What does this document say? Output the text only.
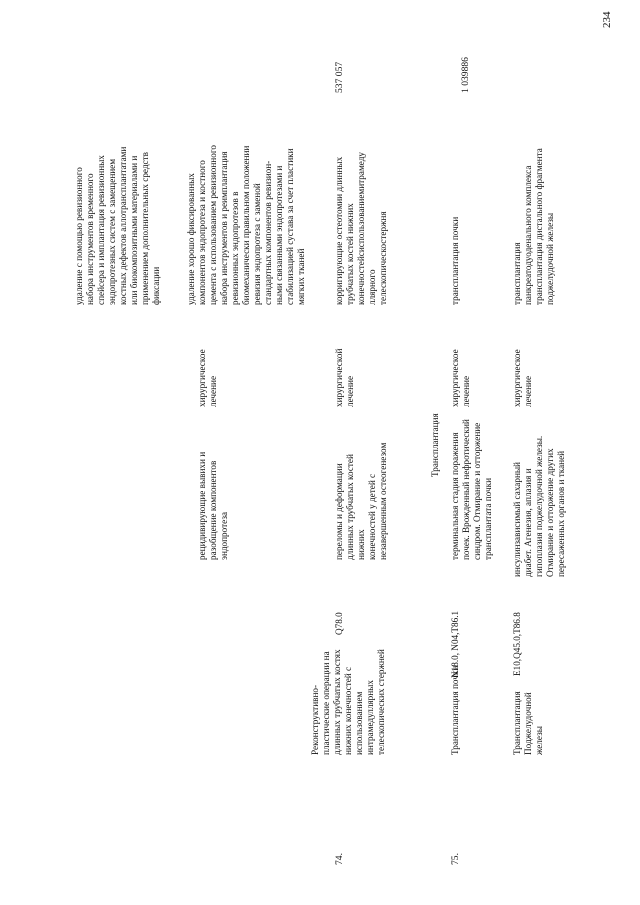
234
удаление с помощью ревизионного набора инструментов временного спейсера и имплантация ревизионных эндопротезных систем с замещением костных дефектов аллотрансплантатами или биокомпозитными материалами и применением дополнительных средств фиксации
рецидивирующие вывихи и разобщение компонентов эндопротеза
хирургическое лечение
удаление хорошо фиксированных компонентов эндопротеза и костного цемента с использованием ревизионного набора инструментов и реимплантация ревизионных эндопротезов в биомеханически правильном положении ревизия эндопротеза с заменой стандартных компонентов ревизион- ными связанными эндопротезами и стабилизацией сустава за счет пластики мягких тканей
74.
Реконструктивно- пластические операции на длинных трубчатых костях нижних конечностей с использованием интрамедуллярных телескопических стержней
Q78.0
переломы и деформации длинных трубчатых костей нижних конечностей у детей с незавершенным остеогенезом
хирургической лечение
корригирующие остеотомии длинных трубчатых костей нижних конечностейсиспользованиемитрамеду ллярного телескопическостержня
537 057
Трансплантация
75.
Трансплантация почки
N18.0, N04,T86.1
терминальная стадия поражения почек. Врожденный нефротический синдром. Отмирание и отторжение трансплантата почки
хирургическое лечение
трансплантация почки
1 039886
Трансплантация Поджелудочной железы
E10,Q45.0,T86.8
инсулинзависимый сахарный диабет. Агенезия, аплазия и гипоплазия поджелудочной железы. Отмирание и отторжение других пересаженных органов и тканей
хирургическое лечение
трансплантация панкреатодуоденального комплекса трансплантация дистального фрагмента поджелудочной железы
